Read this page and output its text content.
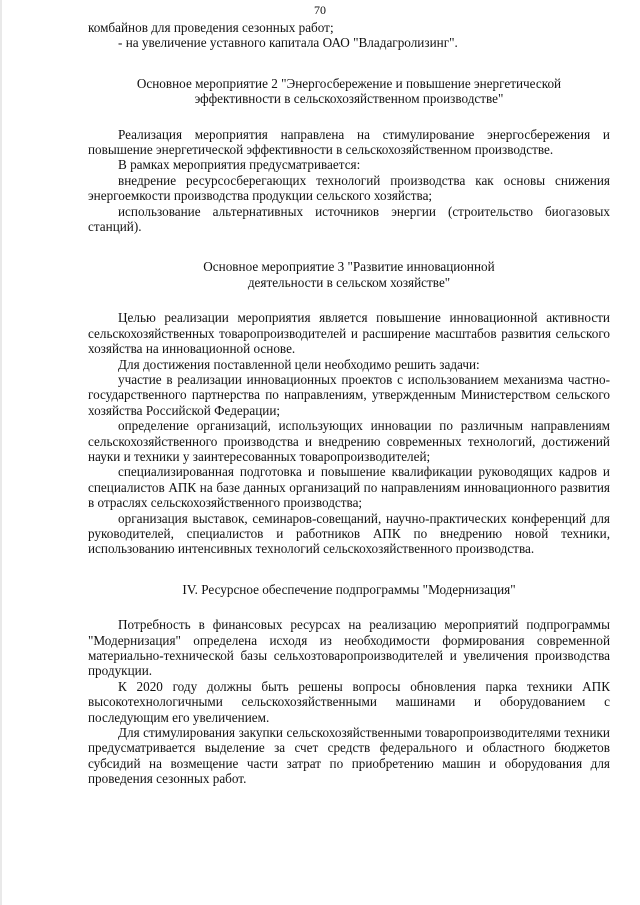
70

комбайнов для проведения сезонных работ;

- на увеличение уставного капитала ОАО "Владагролизинг".

Основное мероприятие 2 "Энергосбережение и повышение энергетической эффективности в сельскохозяйственном производстве"

Реализация мероприятия направлена на стимулирование энергосбережения и повышение энергетической эффективности в сельскохозяйственном производстве.

В рамках мероприятия предусматривается:

внедрение ресурсосберегающих технологий производства как основы снижения энергоемкости производства продукции сельского хозяйства;

использование альтернативных источников энергии (строительство биогазовых станций).

Основное мероприятие 3 "Развитие инновационной деятельности в сельском хозяйстве"

Целью реализации мероприятия является повышение инновационной активности сельскохозяйственных товаропроизводителей и расширение масштабов развития сельского хозяйства на инновационной основе.

Для достижения поставленной цели необходимо решить задачи:

участие в реализации инновационных проектов с использованием механизма частно-государственного партнерства по направлениям, утвержденным Министерством сельского хозяйства Российской Федерации;

определение организаций, использующих инновации по различным направлениям сельскохозяйственного производства и внедрению современных технологий, достижений науки и техники у заинтересованных товаропроизводителей;

специализированная подготовка и повышение квалификации руководящих кадров и специалистов АПК на базе данных организаций по направлениям инновационного развития в отраслях сельскохозяйственного производства;

организация выставок, семинаров-совещаний, научно-практических конференций для руководителей, специалистов и работников АПК по внедрению новой техники, использованию интенсивных технологий сельскохозяйственного производства.

IV. Ресурсное обеспечение подпрограммы "Модернизация"

Потребность в финансовых ресурсах на реализацию мероприятий подпрограммы "Модернизация" определена исходя из необходимости формирования современной материально-технической базы сельхозтоваропроизводителей и увеличения производства продукции.

К 2020 году должны быть решены вопросы обновления парка техники АПК высокотехнологичными сельскохозяйственными машинами и оборудованием с последующим его увеличением.

Для стимулирования закупки сельскохозяйственными товаропроизводителями техники предусматривается выделение за счет средств федерального и областного бюджетов субсидий на возмещение части затрат по приобретению машин и оборудования для проведения сезонных работ.
